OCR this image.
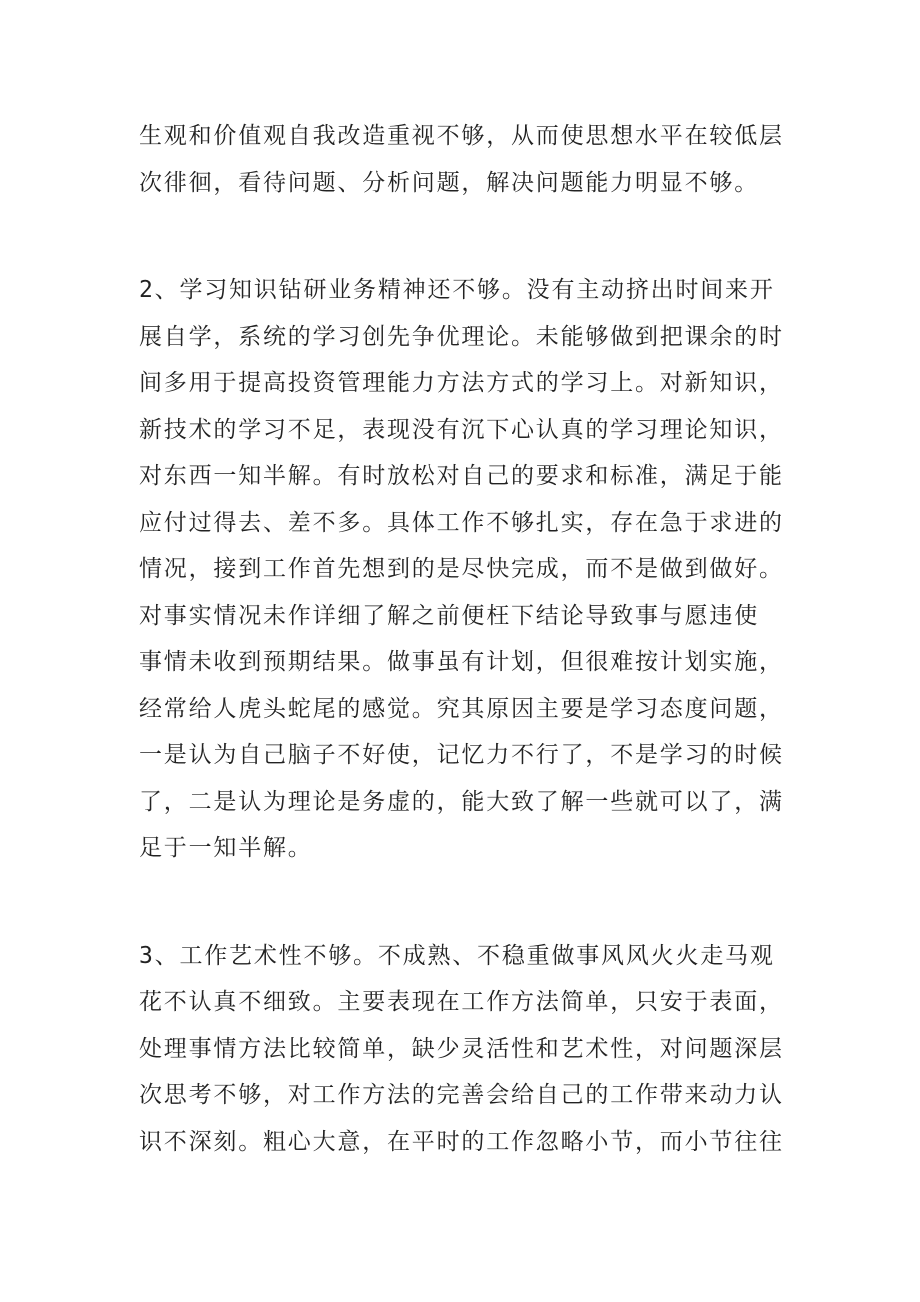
生观和价值观自我改造重视不够，从而使思想水平在较低层
次徘徊，看待问题、分析问题，解决问题能力明显不够。
2、学习知识钻研业务精神还不够。没有主动挤出时间来开
展自学，系统的学习创先争优理论。未能够做到把课余的时
间多用于提高投资管理能力方法方式的学习上。对新知识，
新技术的学习不足，表现没有沉下心认真的学习理论知识，
对东西一知半解。有时放松对自己的要求和标准，满足于能
应付过得去、差不多。具体工作不够扎实，存在急于求进的
情况，接到工作首先想到的是尽快完成，而不是做到做好。
对事实情况未作详细了解之前便枉下结论导致事与愿违使
事情未收到预期结果。做事虽有计划，但很难按计划实施，
经常给人虎头蛇尾的感觉。究其原因主要是学习态度问题，
一是认为自己脑子不好使，记忆力不行了，不是学习的时候
了，二是认为理论是务虚的，能大致了解一些就可以了，满
足于一知半解。
3、工作艺术性不够。不成熟、不稳重做事风风火火走马观
花不认真不细致。主要表现在工作方法简单，只安于表面，
处理事情方法比较简单，缺少灵活性和艺术性，对问题深层
次思考不够，对工作方法的完善会给自己的工作带来动力认
识不深刻。粗心大意，在平时的工作忽略小节，而小节往往
